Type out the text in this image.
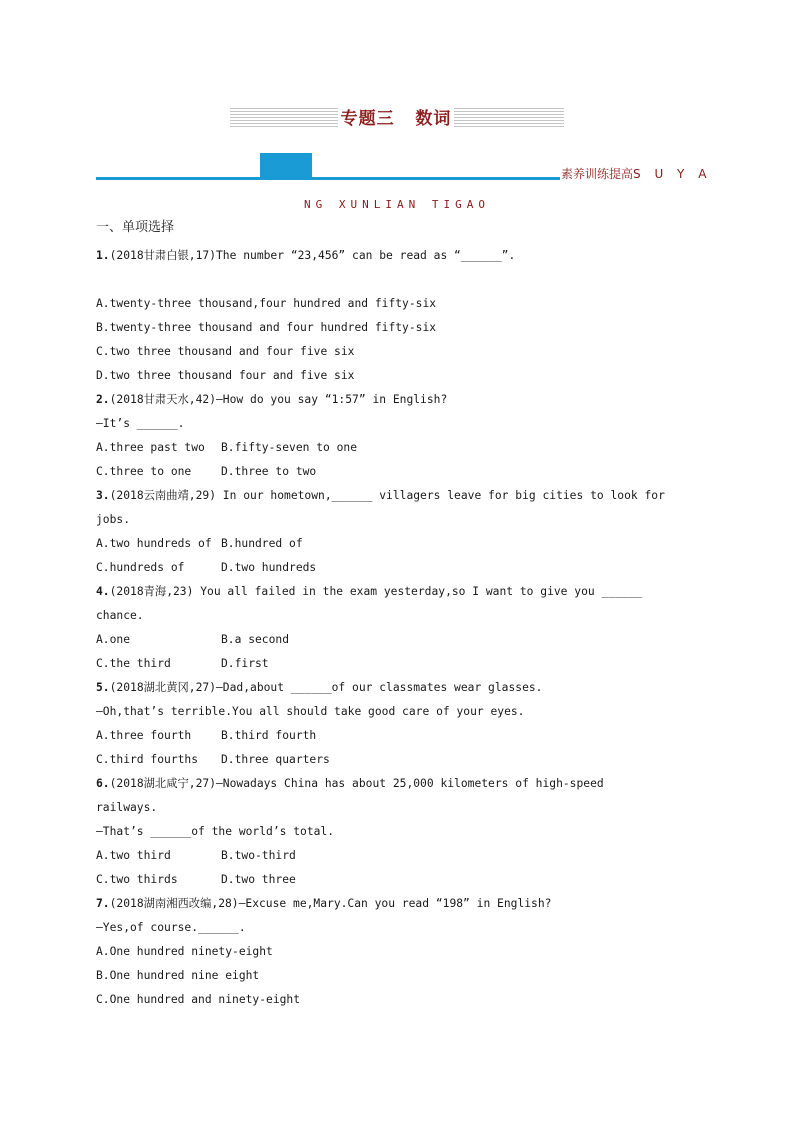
专题三   数词
素养训练提高S U Y A
NG XUNLIAN TIGAO
一、单项选择
1.(2018甘肃白银,17)The number “23,456” can be read as “______”.
A.twenty-three thousand,four hundred and fifty-six
B.twenty-three thousand and four hundred fifty-six
C.two three thousand and four five six
D.two three thousand four and five six
2.(2018甘肃天水,42)—How do you say “1:57” in English?
—It’s ______.
A.three past two B.fifty-seven to one
C.three to one	D.three to two
3.(2018云南曲靖,29) In our hometown,______ villagers leave for big cities to look for
jobs.
A.two hundreds of B.hundred of
C.hundreds of	D.two hundreds
4.(2018青海,23) You all failed in the exam yesterday,so I want to give you ______
chance.
A.one	B.a second
C.the third	D.first
5.(2018湖北黄冈,27)—Dad,about ______of our classmates wear glasses.
—Oh,that’s terrible.You all should take good care of your eyes.
A.three fourth	B.third fourth
C.third fourths D.three quarters
6.(2018湖北咸宁,27)—Nowadays China has about 25,000 kilometers of high-speed
railways.
—That’s ______of the world’s total.
A.two third	B.two-third
C.two thirds	D.two three
7.(2018湖南湘西改编,28)—Excuse me,Mary.Can you read “198” in English?
—Yes,of course.______.
A.One hundred ninety-eight
B.One hundred nine eight
C.One hundred and ninety-eight
